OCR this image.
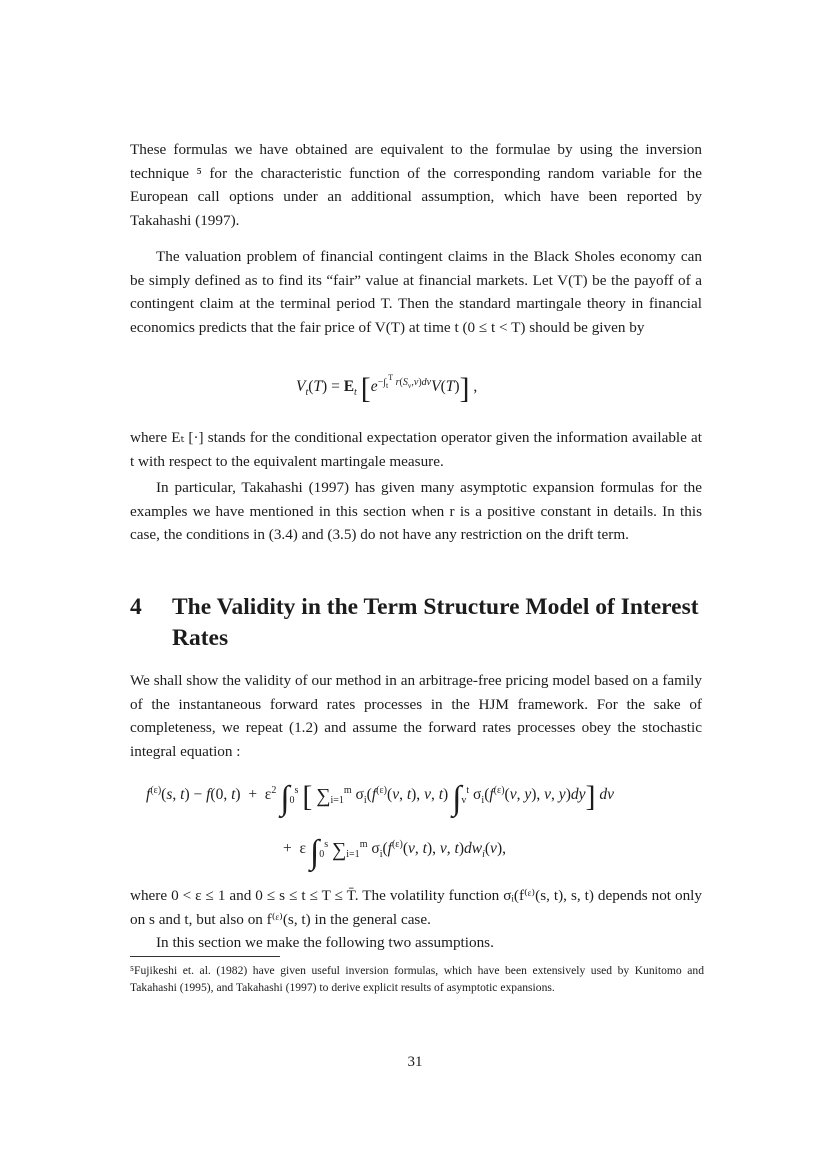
These formulas we have obtained are equivalent to the formulae by using the inversion technique ⁵ for the characteristic function of the corresponding random variable for the European call options under an additional assumption, which have been reported by Takahashi (1997).
The valuation problem of financial contingent claims in the Black Sholes economy can be simply defined as to find its “fair” value at financial markets. Let V(T) be the payoff of a contingent claim at the terminal period T. Then the standard martingale theory in financial economics predicts that the fair price of V(T) at time t (0 ≤ t < T) should be given by
$V_t(T) = E_t$ $[e^{-\int_t^T r(S_v,v)dv}V(T)]$ ,
where Eₜ [·] stands for the conditional expectation operator given the information available at t with respect to the equivalent martingale measure.
In particular, Takahashi (1997) has given many asymptotic expansion formulas for the examples we have mentioned in this section when r is a positive constant in details. In this case, the conditions in (3.4) and (3.5) do not have any restriction on the drift term.
4 The Validity in the Term Structure Model of Interest Rates
We shall show the validity of our method in an arbitrage-free pricing model based on a family of the instantaneous forward rates processes in the HJM framework. For the sake of completeness, we repeat (1.2) and assume the forward rates processes obey the stochastic integral equation :
$f^{(\varepsilon)}(s$, t) − f(0, $t) + \varepsilon^2$ $\int_0^s$ [ $\sum_{i=1}^m$ $\sigma_i(f^{(\varepsilon)}(v$, t), v, t) $\int_v^t$ $\sigma_i(f^{(\varepsilon)}(v$, y), v, y)dy] dv
+  ε $\int_0^s$ $\sum_{i=1}^m$ $\sigma_i(f^{(\varepsilon)}(v$, t), v, $t)dw_i(v)$,
where 0 < ε ≤ 1 and 0 ≤ s ≤ t ≤ T ≤ T̄. The volatility function σᵢ(f⁽ᵋ⁾(s, t), s, t) depends not only on s and t, but also on f⁽ᵋ⁾(s, t) in the general case.
In this section we make the following two assumptions.
⁵Fujikeshi et. al. (1982) have given useful inversion formulas, which have been extensively used by Kunitomo and Takahashi (1995), and Takahashi (1997) to derive explicit results of asymptotic expansions.
31
